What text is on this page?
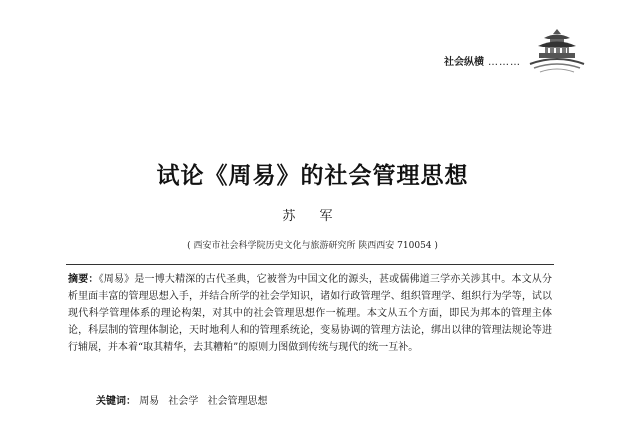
社会纵横 ………
试论《周易》的社会管理思想
苏 军
( 西安市社会科学院历史文化与旅游研究所 陕西西安 710054 )
摘要：《周易》是一博大精深的古代圣典，它被誉为中国文化的源头，甚或儒佛道三学亦关涉其中。本文从分析里面丰富的管理思想入手，并结合所学的社会学知识，诸如行政管理学、组织管理学、组织行为学等，试以现代科学管理体系的理论构架，对其中的社会管理思想作一梳理。本文从五个方面，即民为邦本的管理主体论，科层制的管理体制论，天时地利人和的管理系统论，变易协调的管理方法论，绑出以律的管理法规论等进行辅展，并本着“取其精华，去其糟粕”的原则力图做到传统与现代的统一互补。
关键词： 周易 社会学 社会管理思想
